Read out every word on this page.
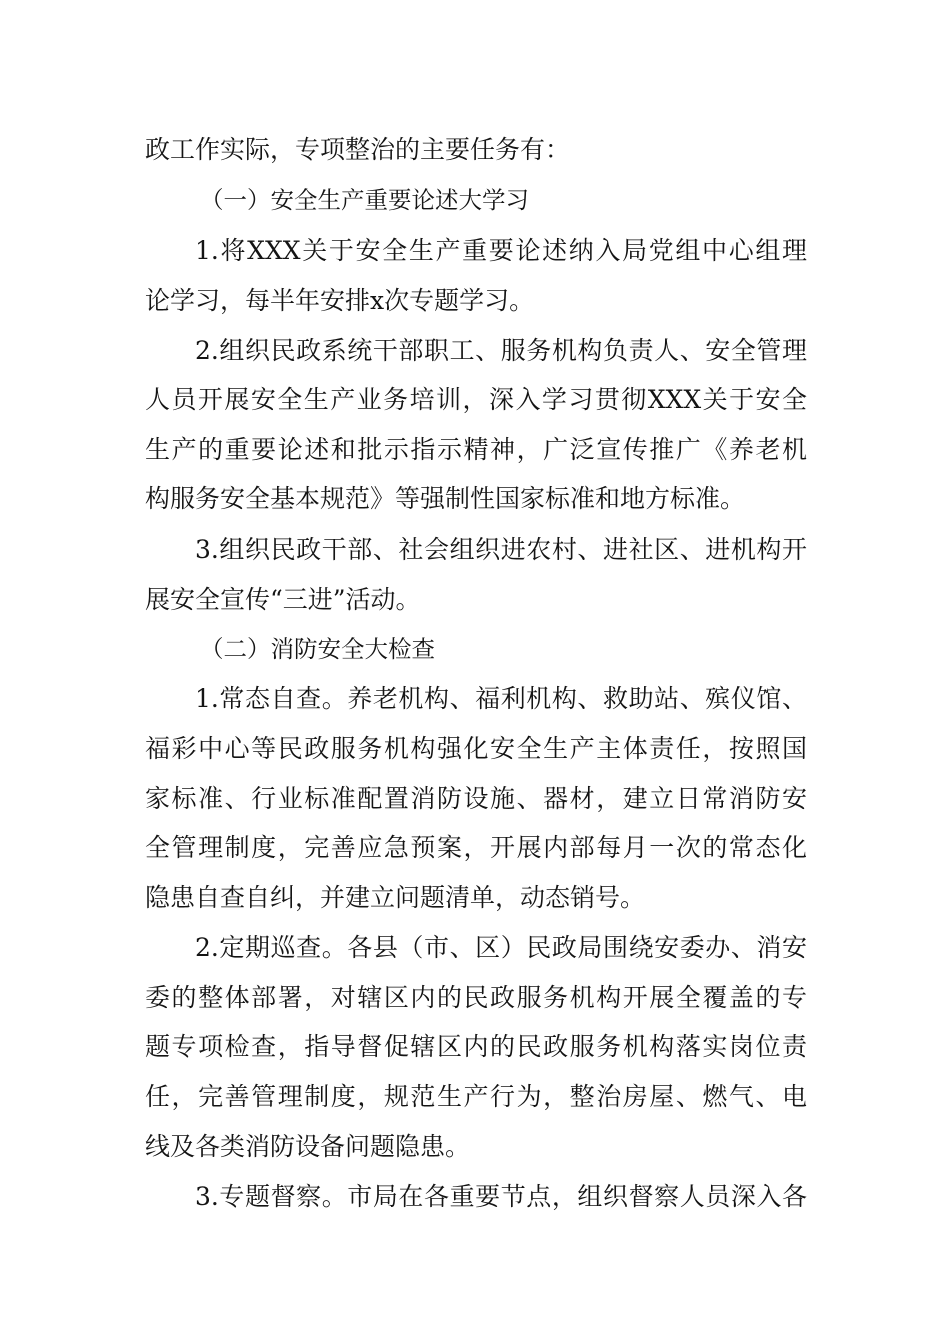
政工作实际，专项整治的主要任务有：
（一）安全生产重要论述大学习
1.将XXX关于安全生产重要论述纳入局党组中心组理
论学习，每半年安排x次专题学习。
2.组织民政系统干部职工、服务机构负责人、安全管理
人员开展安全生产业务培训，深入学习贯彻XXX关于安全
生产的重要论述和批示指示精神，广泛宣传推广《养老机
构服务安全基本规范》等强制性国家标准和地方标准。
3.组织民政干部、社会组织进农村、进社区、进机构开
展安全宣传“三进”活动。
（二）消防安全大检查
1.常态自查。养老机构、福利机构、救助站、殡仪馆、
福彩中心等民政服务机构强化安全生产主体责任，按照国
家标准、行业标准配置消防设施、器材，建立日常消防安
全管理制度，完善应急预案，开展内部每月一次的常态化
隐患自查自纠，并建立问题清单，动态销号。
2.定期巡查。各县（市、区）民政局围绕安委办、消安
委的整体部署，对辖区内的民政服务机构开展全覆盖的专
题专项检查，指导督促辖区内的民政服务机构落实岗位责
任，完善管理制度，规范生产行为，整治房屋、燃气、电
线及各类消防设备问题隐患。
3.专题督察。市局在各重要节点，组织督察人员深入各
